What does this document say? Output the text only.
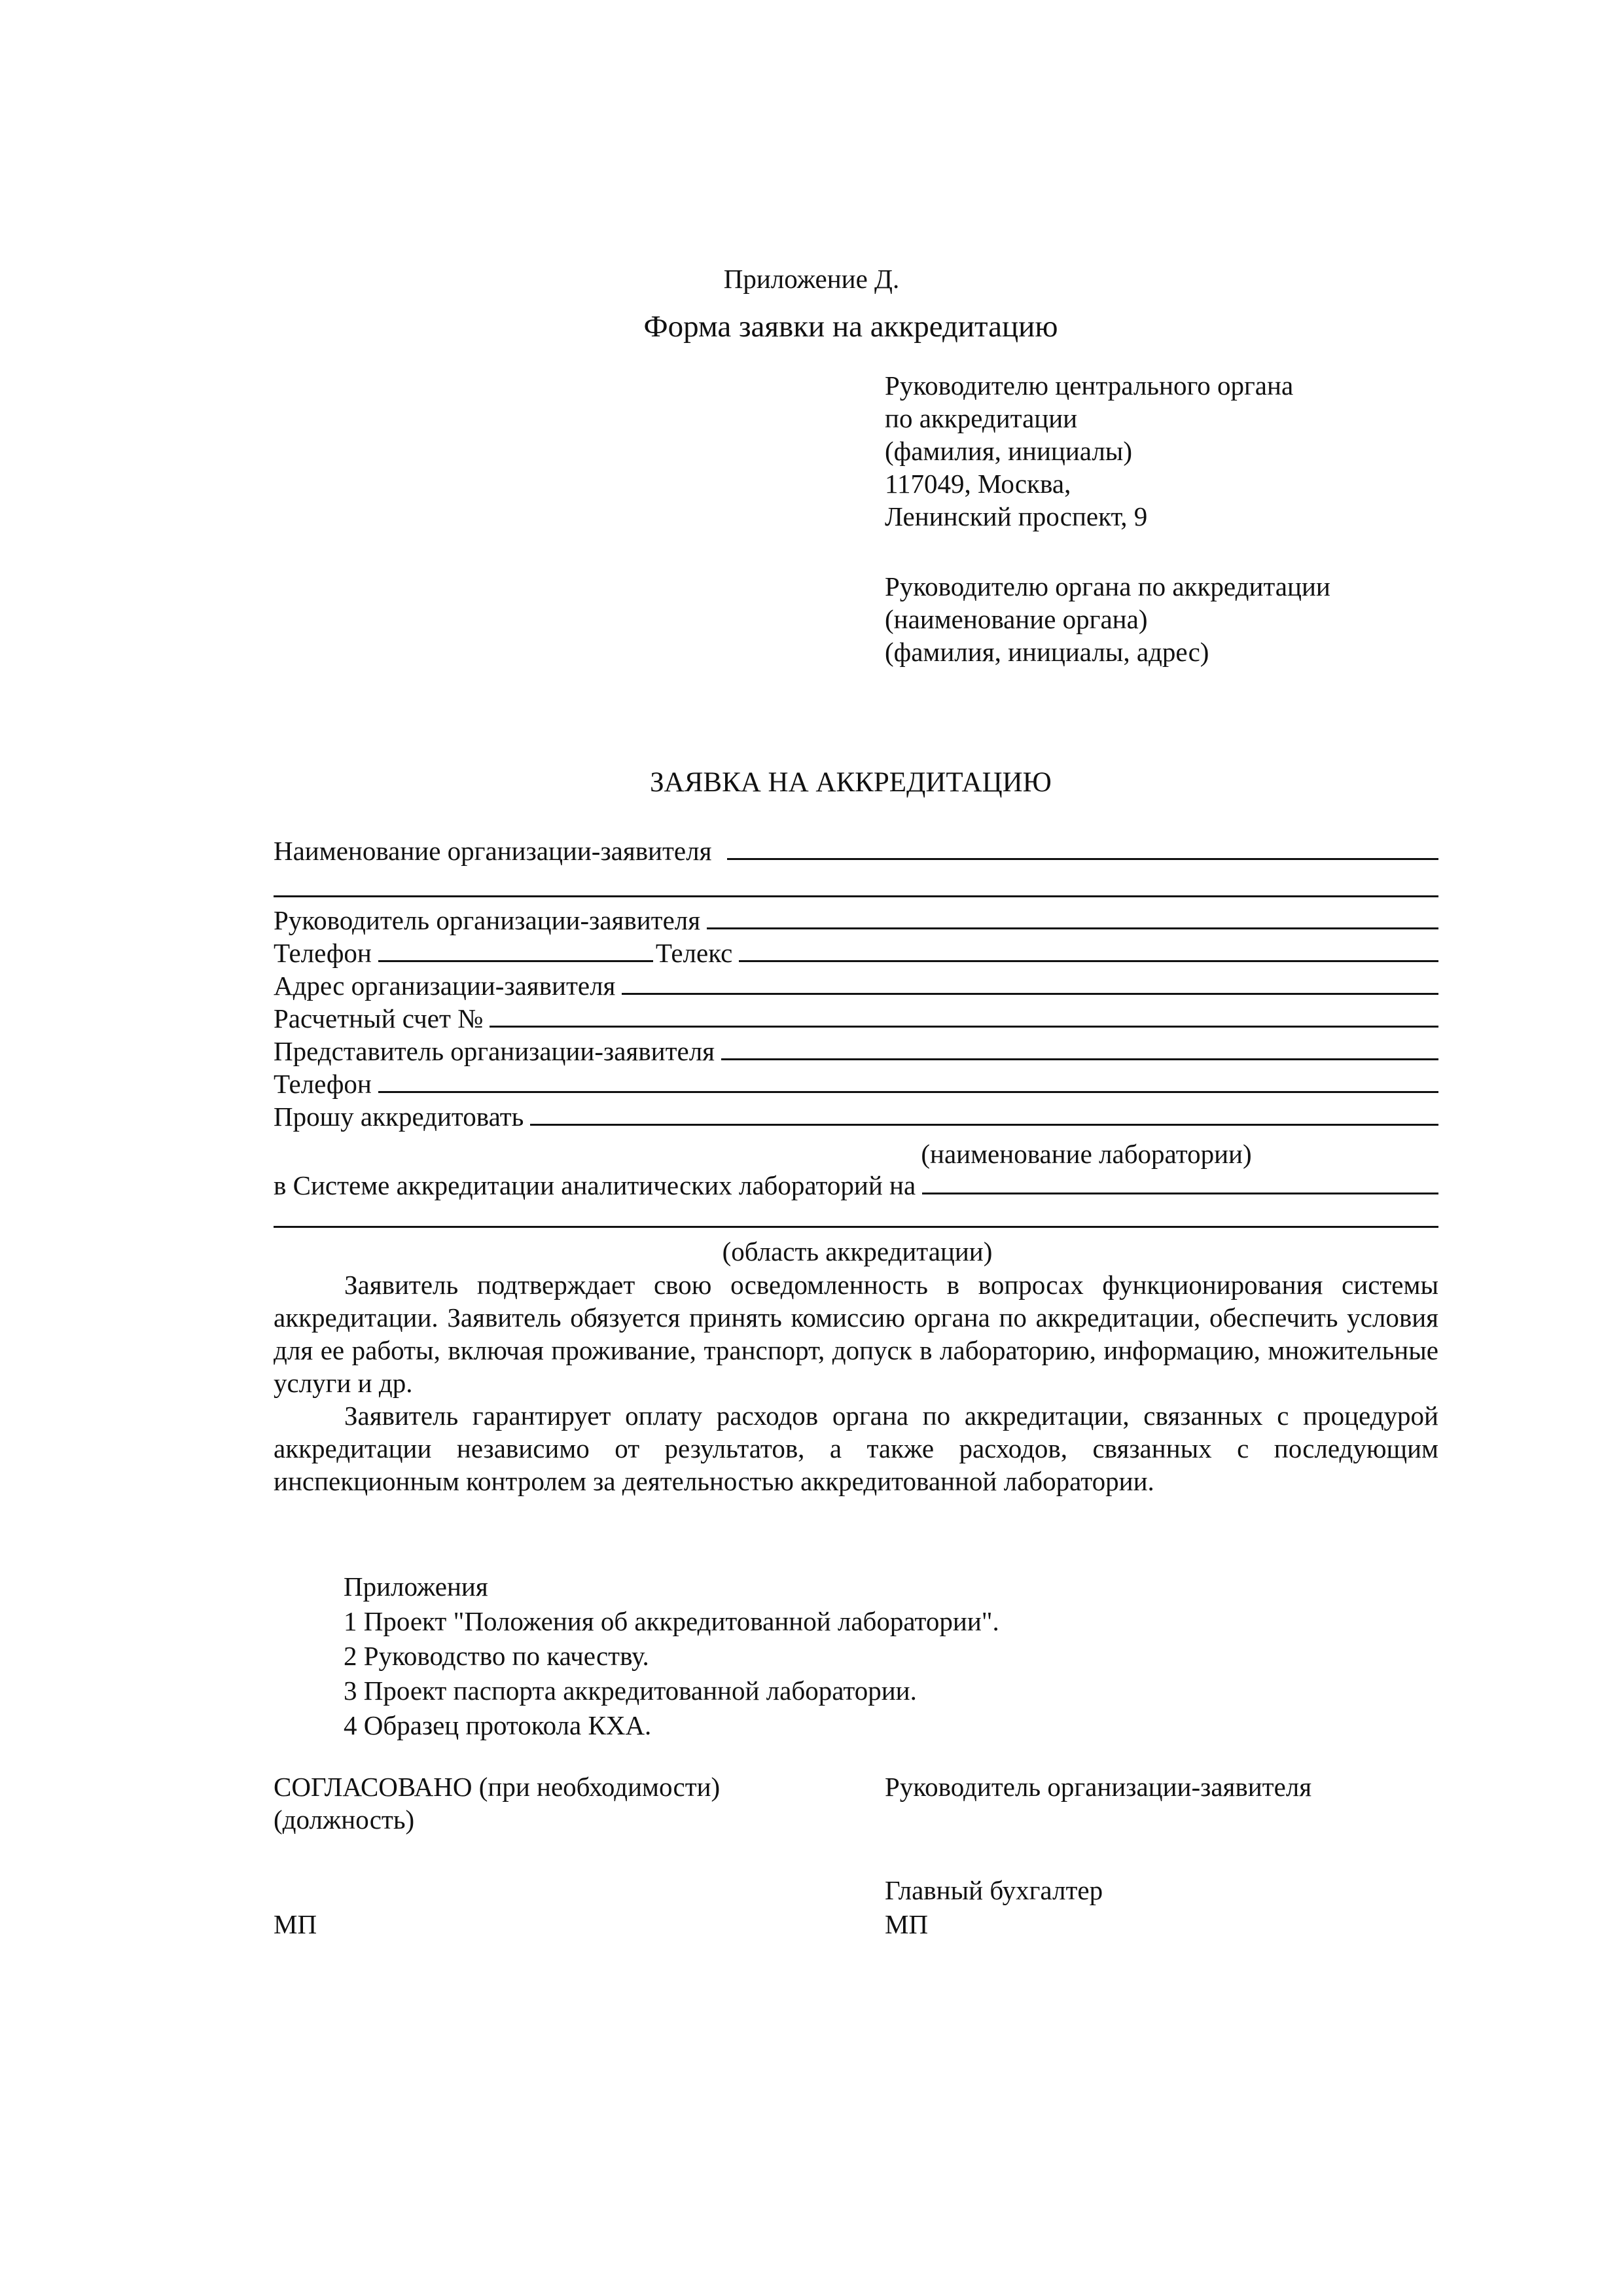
Приложение Д.
Форма заявки на аккредитацию
Руководителю центрального органа
по аккредитации
(фамилия, инициалы)
117049, Москва,
Ленинский проспект, 9
Руководителю органа по аккредитации
(наименование органа)
(фамилия, инициалы, адрес)
ЗАЯВКА НА АККРЕДИТАЦИЮ
Наименование организации-заявителя
Руководитель организации-заявителя
Телефон	Телекс
Адрес организации-заявителя
Расчетный счет №
Представитель организации-заявителя
Телефон
Прошу аккредитовать
(наименование лаборатории)
в Системе аккредитации аналитических лабораторий на
(область аккредитации)

Заявитель подтверждает свою осведомленность в вопросах функционирования системы аккредитации. Заявитель обязуется принять комиссию органа по аккредитации, обеспечить условия для ее работы, включая проживание, транспорт, допуск в лабораторию, информацию, множительные услуги и др.

Заявитель гарантирует оплату расходов органа по аккредитации, связанных с процедурой аккредитации независимо от результатов, а также расходов, связанных с последующим инспекционным контролем за деятельностью аккредитованной лаборатории.

Приложения
1 Проект "Положения об аккредитованной лаборатории".
2 Руководство по качеству.
3 Проект паспорта аккредитованной лаборатории.
4 Образец протокола КХА.
СОГЛАСОВАНО (при необходимости)
(должность)
Руководитель организации-заявителя
Главный бухгалтер
МП	МП
